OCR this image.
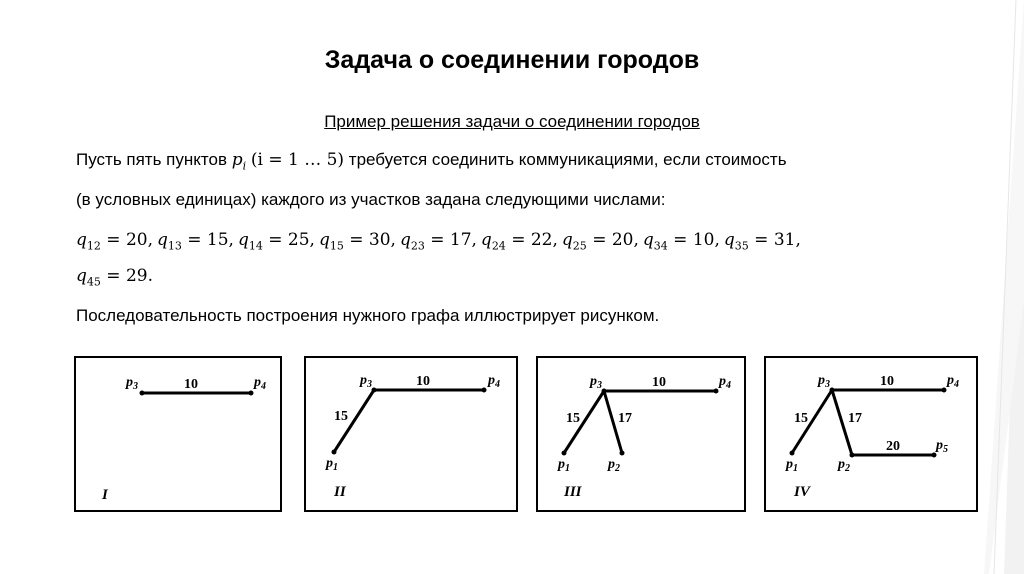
Задача о соединении городов
Пример решения задачи о соединении городов
Пусть пять пунктов $p_i$ (i = 1 … 5) требуется соединить коммуникациями, если стоимость
(в условных единицах) каждого из участков задана следующими числами:
$q_{12} = 20$, $q_{13} = 15$, $q_{14} = 25$, $q_{15} = 30$, $q_{23} = 17$, $q_{24} = 22$, $q_{25} = 20$, $q_{34} = 10$, $q_{35} = 31$,
$q_{45} = 29$.
Последовательность построения нужного графа иллюстрирует рисунком.
$p_3$	$p_4$
10
I
$p_3$	$p_4$
$p_1$
10
15
II
$p_3$	$p_4$
$p_1$	$p_2$
10
15	17
III
$p_3$	$p_4$
$p_1$	$p_2$
$p_5$
10
15	17
20
IV
